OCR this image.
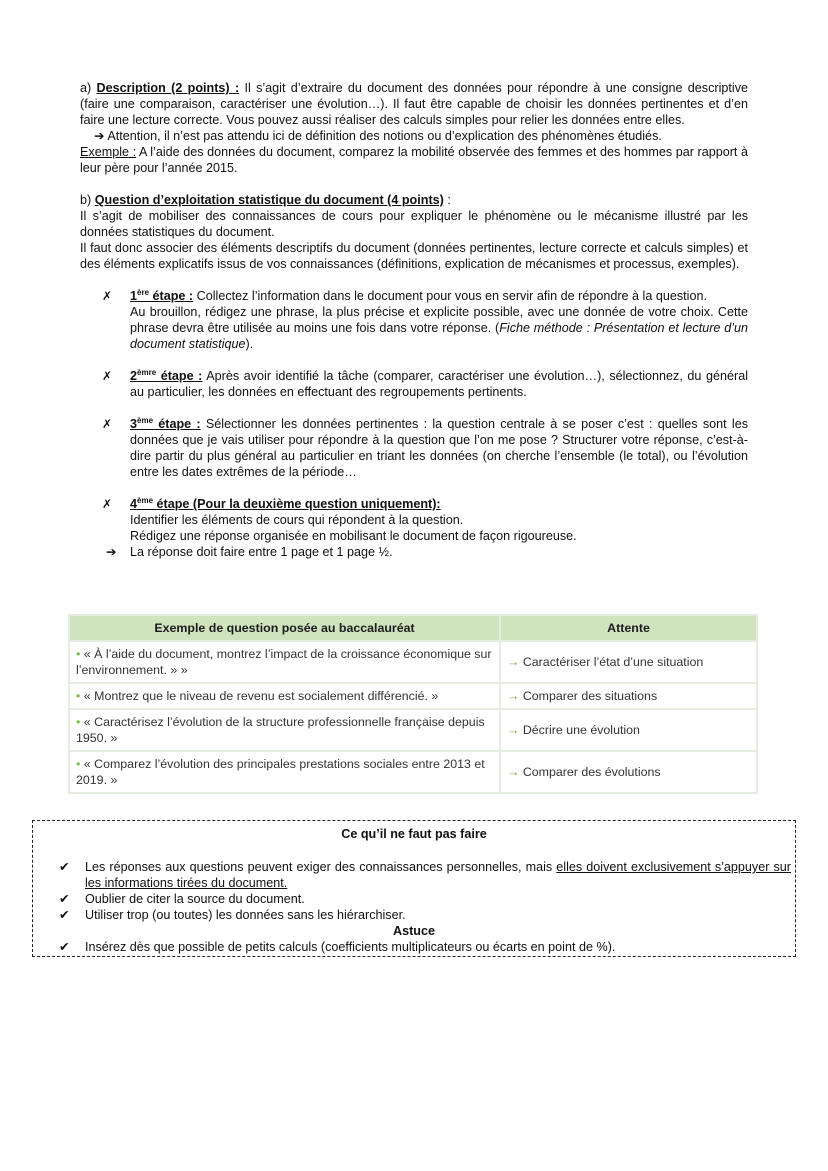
a) Description (2 points) : Il s’agit d’extraire du document des données pour répondre à une consigne descriptive (faire une comparaison, caractériser une évolution…). Il faut être capable de choisir les données pertinentes et d’en faire une lecture correcte. Vous pouvez aussi réaliser des calculs simples pour relier les données entre elles.

➔ Attention, il n’est pas attendu ici de définition des notions ou d’explication des phénomènes étudiés.

Exemple : A l’aide des données du document, comparez la mobilité observée des femmes et des hommes par rapport à leur père pour l’année 2015.

b) Question d’exploitation statistique du document (4 points) :

Il s’agit de mobiliser des connaissances de cours pour expliquer le phénomène ou le mécanisme illustré par les données statistiques du document.

Il faut donc associer des éléments descriptifs du document (données pertinentes, lecture correcte et calculs simples) et des éléments explicatifs issus de vos connaissances (définitions, explication de mécanismes et processus, exemples).

✗ 1ère étape : Collectez l’information dans le document pour vous en servir afin de répondre à la question.

Au brouillon, rédigez une phrase, la plus précise et explicite possible, avec une donnée de votre choix. Cette phrase devra être utilisée au moins une fois dans votre réponse. (Fiche méthode : Présentation et lecture d’un document statistique).

✗ $2^{èmre}$ étape : Après avoir identifié la tâche (comparer, caractériser une évolution…), sélectionnez, du général au particulier, les données en effectuant des regroupements pertinents.

✗ 3ème étape : Sélectionner les données pertinentes : la question centrale à se poser c’est : quelles sont les données que je vais utiliser pour répondre à la question que l’on me pose ? Structurer votre réponse, c’est-à-dire partir du plus général au particulier en triant les données (on cherche l’ensemble (le total), ou l’évolution entre les dates extrêmes de la période…

✗ 4ème étape (Pour la deuxième question uniquement):

Identifier les éléments de cours qui répondent à la question.

Rédigez une réponse organisée en mobilisant le document de façon rigoureuse.

➔ La réponse doit faire entre 1 page et 1 page ½.

Exemple de question posée au baccalauréat	Attente
• « À l’aide du document, montrez l’impact de la croissance économique sur l’environnement. » »	→ Caractériser l’état d’une situation
• « Montrez que le niveau de revenu est socialement différencié. »	→ Comparer des situations
• « Caractérisez l’évolution de la structure professionnelle française depuis 1950. »	→ Décrire une évolution
• « Comparez l’évolution des principales prestations sociales entre 2013 et 2019. »	→ Comparer des évolutions

Ce qu’il ne faut pas faire

✔ Les réponses aux questions peuvent exiger des connaissances personnelles, mais elles doivent exclusivement s’appuyer sur les informations tirées du document.
✔ Oublier de citer la source du document.
✔ Utiliser trop (ou toutes) les données sans les hiérarchiser.

Astuce

✔ Insérez dès que possible de petits calculs (coefficients multiplicateurs ou écarts en point de %).
